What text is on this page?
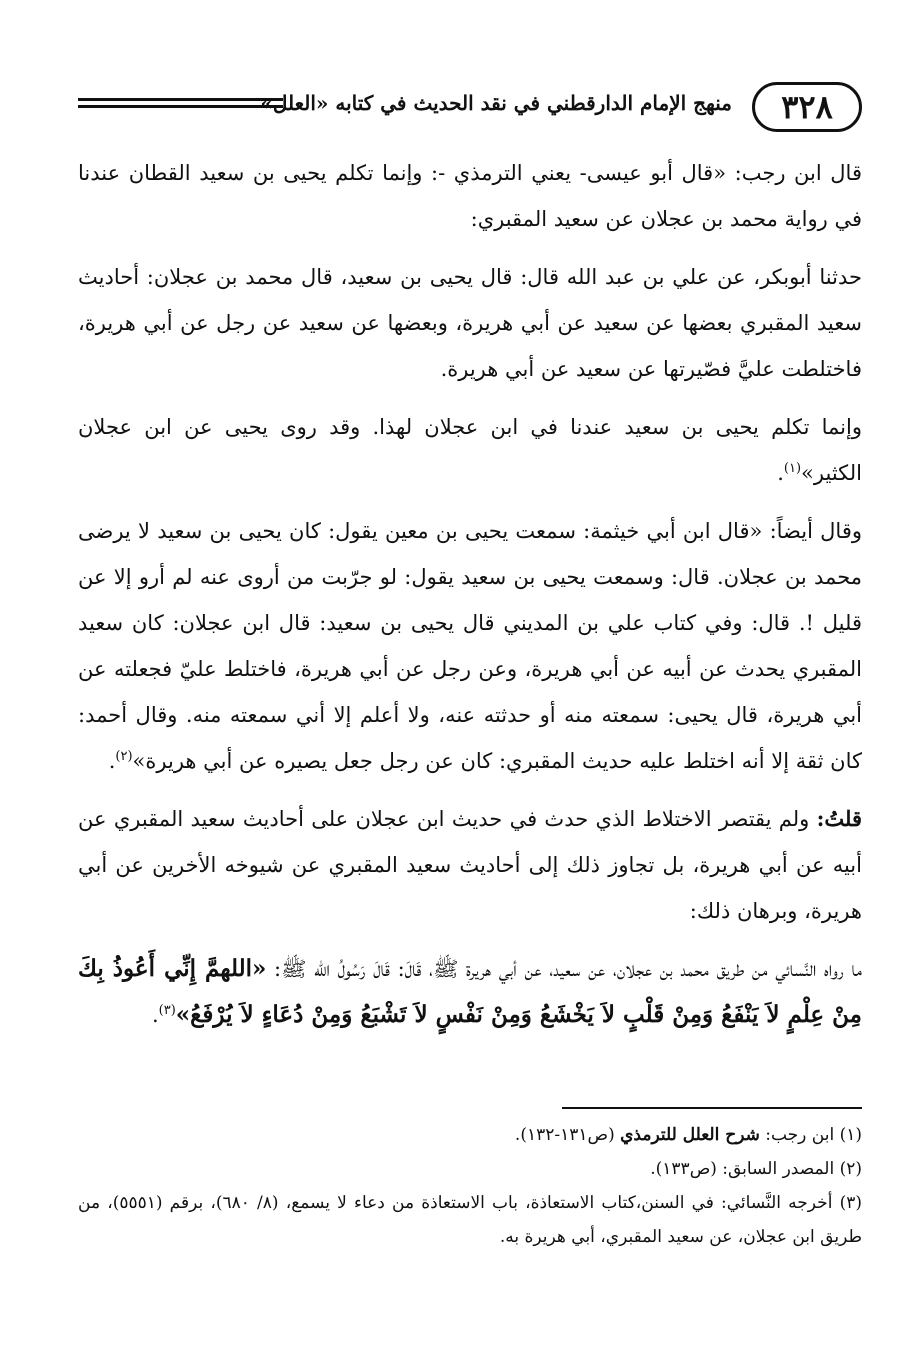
٣٢٨
منهج الإمام الدارقطني في نقد الحديث في كتابه «العلل»

قال ابن رجب: «قال أبو عيسى- يعني الترمذي -: وإنما تكلم يحيى بن سعيد القطان عندنا في رواية محمد بن عجلان عن سعيد المقبري:

حدثنا أبوبكر، عن علي بن عبد الله قال: قال يحيى بن سعيد، قال محمد بن عجلان: أحاديث سعيد المقبري بعضها عن سعيد عن أبي هريرة، وبعضها عن سعيد عن رجل عن أبي هريرة، فاختلطت عليَّ فصّيرتها عن سعيد عن أبي هريرة.

وإنما تكلم يحيى بن سعيد عندنا في ابن عجلان لهذا. وقد روى يحيى عن ابن عجلان الكثير»$^{(١)}$.

وقال أيضاً: «قال ابن أبي خيثمة: سمعت يحيى بن معين يقول: كان يحيى بن سعيد لا يرضى محمد بن عجلان. قال: وسمعت يحيى بن سعيد يقول: لو جرّبت من أروى عنه لم أرو إلا عن قليل !. قال: وفي كتاب علي بن المديني قال يحيى بن سعيد: قال ابن عجلان: كان سعيد المقبري يحدث عن أبيه عن أبي هريرة، وعن رجل عن أبي هريرة، فاختلط عليّ فجعلته عن أبي هريرة، قال يحيى: سمعته منه أو حدثته عنه، ولا أعلم إلا أني سمعته منه. وقال أحمد: كان ثقة إلا أنه اختلط عليه حديث المقبري: كان عن رجل جعل يصيره عن أبي هريرة»$^{(٢)}$.

قلتُ: ولم يقتصر الاختلاط الذي حدث في حديث ابن عجلان على أحاديث سعيد المقبري عن أبيه عن أبي هريرة، بل تجاوز ذلك إلى أحاديث سعيد المقبري عن شيوخه الأخرين عن أبي هريرة، وبرهان ذلك:

ما رواه النَّسائي من طريق محمد بن عجلان، عن سعيد، عن أبي هريرة ﷺ، قَالَ: قَالَ رَسُولُ الله ﷺ: «اللهمَّ إِنِّي أَعُوذُ بِكَ مِنْ عِلْمٍ لاَ يَنْفَعُ وَمِنْ قَلْبٍ لاَ يَخْشَعُ وَمِنْ نَفْسٍ لاَ تَشْبَعُ وَمِنْ دُعَاءٍ لاَ يُرْفَعُ»$^{(٣)}$.

(١) ابن رجب: شرح العلل للترمذي (ص١٣١-١٣٢).

(٢) المصدر السابق: (ص١٣٣).

(٣) أخرجه النَّسائي: في السنن،كتاب الاستعاذة، باب الاستعاذة من دعاء لا يسمع، (٨/ ٦٨٠)، برقم (٥٥٥١)، من طريق ابن عجلان، عن سعيد المقبري، أبي هريرة به.
